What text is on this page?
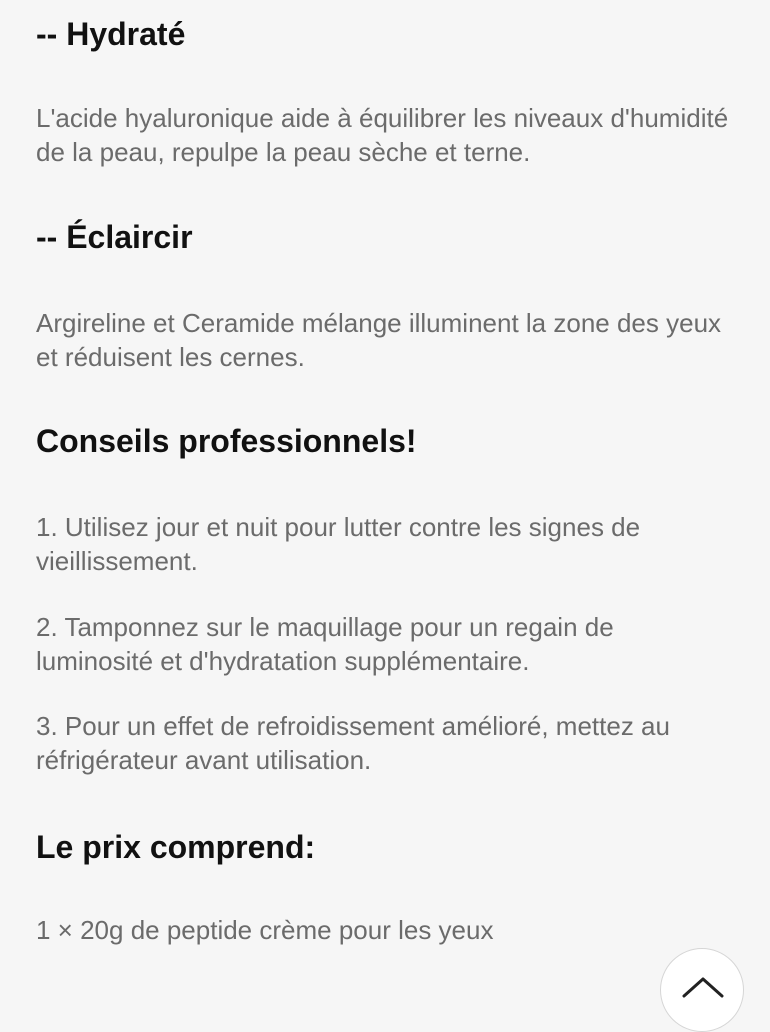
-- Hydraté

L'acide hyaluronique aide à équilibrer les niveaux d'humidité de la peau, repulpe la peau sèche et terne.

-- Éclaircir

Argireline et Ceramide mélange illuminent la zone des yeux et réduisent les cernes.

Conseils professionnels!

1. Utilisez jour et nuit pour lutter contre les signes de vieillissement.

2. Tamponnez sur le maquillage pour un regain de luminosité et d'hydratation supplémentaire.

3. Pour un effet de refroidissement amélioré, mettez au réfrigérateur avant utilisation.

Le prix comprend:

1 × 20g de peptide crème pour les yeux
